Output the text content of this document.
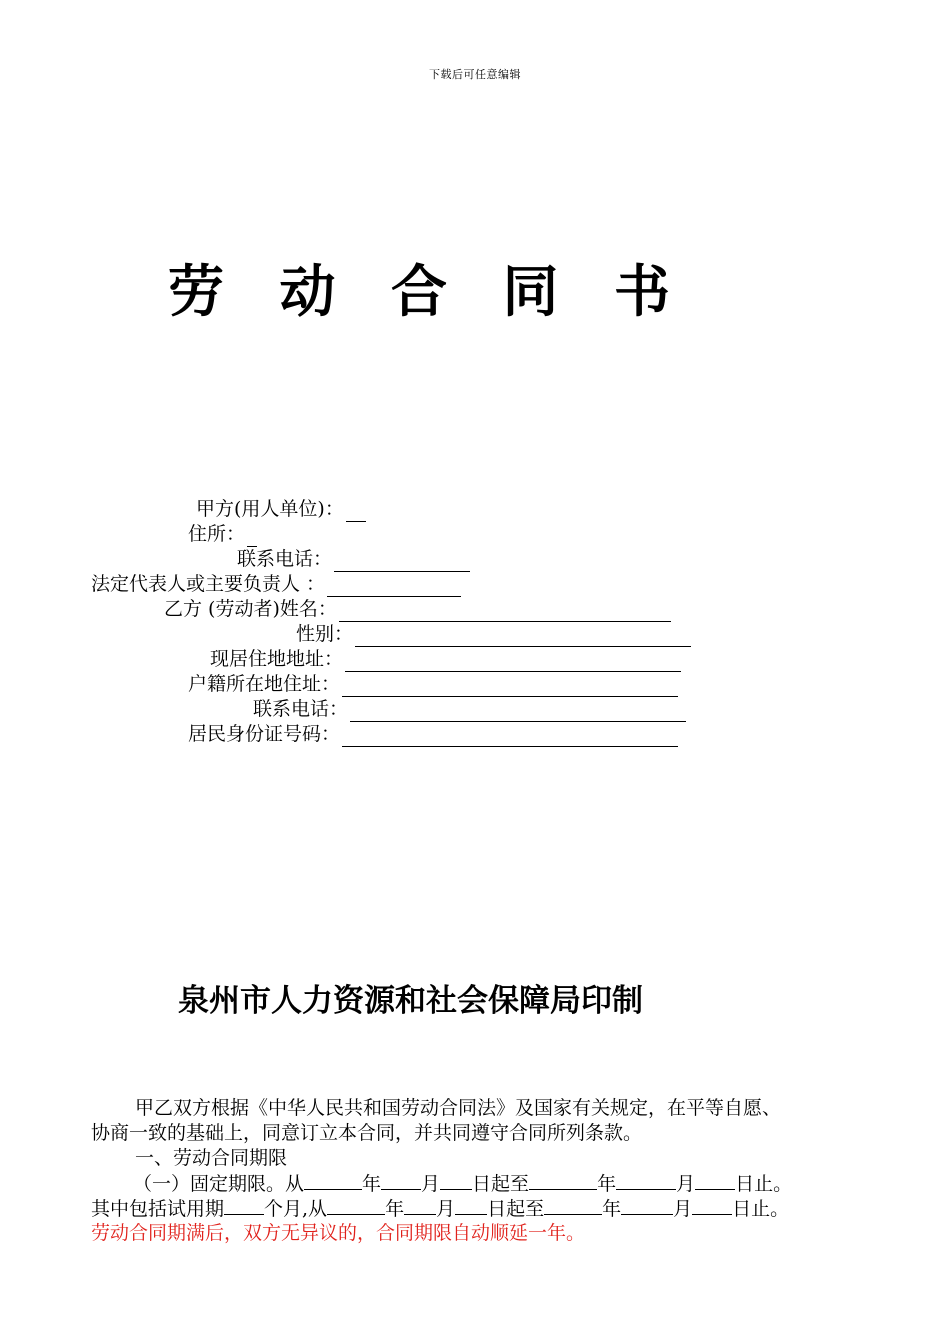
下载后可任意编辑
劳 动 合 同 书
甲方(用人单位)：
住所：
联系电话：
法定代表人或主要负责人 ：
乙方 (劳动者)姓名：
性别：
现居住地地址：
户籍所在地住址：
联系电话：
居民身份证号码：
泉州市人力资源和社会保障局印制
甲乙双方根据《中华人民共和国劳动合同法》及国家有关规定，在平等自愿、
协商一致的基础上，同意订立本合同，并共同遵守合同所列条款。
一、劳动合同期限
（一）固定期限。从	年 月 日起至	年	月 日止。
其中包括试用期 个月,从	年 月 日起至	年	月 日止。
劳动合同期满后，双方无异议的，合同期限自动顺延一年。
